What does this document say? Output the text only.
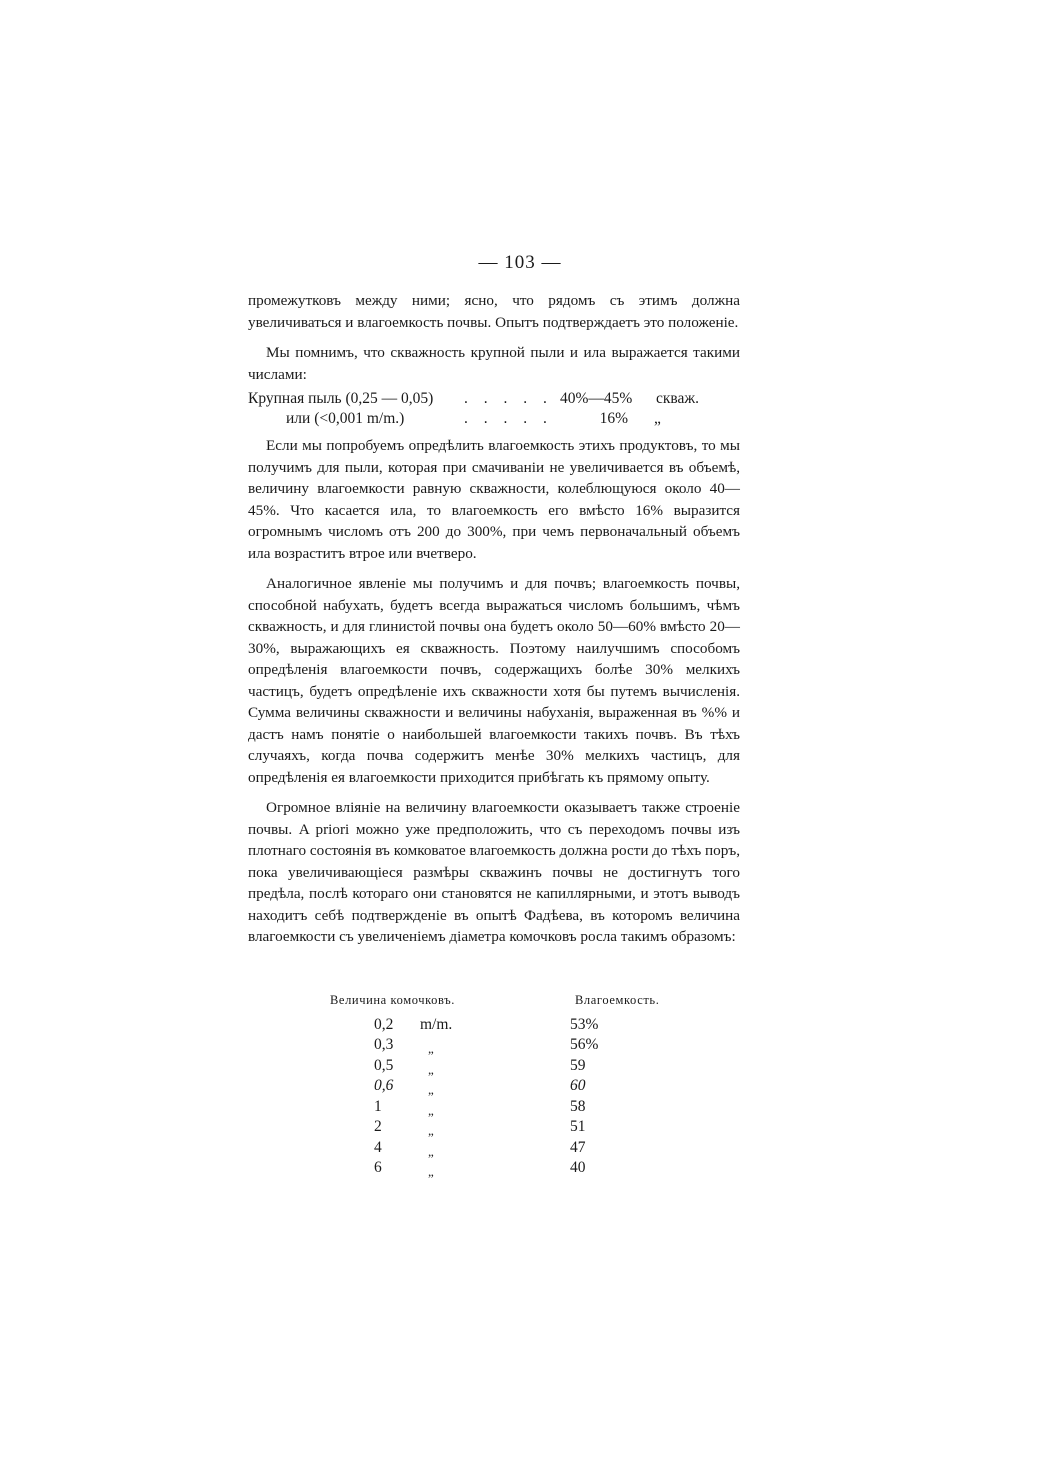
— 103 —

промежутковъ между ними; ясно, что рядомъ съ этимъ должна увеличиваться и влагоемкость почвы. Опытъ подтверждаетъ это положеніе.

Мы помнимъ, что скважность крупной пыли и ила выражается такими числами:

Крупная пыль (0,25 — 0,05)	. . . . . 40%—45%	скваж.
или (<0,001 m/m.)	. . . . .	16%	„

Если мы попробуемъ опредѣлить влагоемкость этихъ продуктовъ, то мы получимъ для пыли, которая при смачиваніи не увеличивается въ объемѣ, величину влагоемкости равную скважности, колеблющуюся около 40—45%. Что касается ила, то влагоемкость его вмѣсто 16% выразится огромнымъ числомъ отъ 200 до 300%, при чемъ первоначальный объемъ ила возраститъ втрое или вчетверо.

Аналогичное явленіе мы получимъ и для почвъ; влагоемкость почвы, способной набухать, будетъ всегда выражаться числомъ большимъ, чѣмъ скважность, и для глинистой почвы она будетъ около 50—60% вмѣсто 20—30%, выражающихъ ея скважность. Поэтому наилучшимъ способомъ опредѣленія влагоемкости почвъ, содержащихъ болѣе 30% мелкихъ частицъ, будетъ опредѣленіе ихъ скважности хотя бы путемъ вычисленія. Сумма величины скважности и величины набуханія, выраженная въ %% и дастъ намъ понятіе о наибольшей влагоемкости такихъ почвъ. Въ тѣхъ случаяхъ, когда почва содержитъ менѣе 30% мелкихъ частицъ, для опредѣленія ея влагоемкости приходится прибѣгать къ прямому опыту.

Огромное вліяніе на величину влагоемкости оказываетъ также строеніе почвы. A priori можно уже предположить, что съ переходомъ почвы изъ плотнаго состоянія въ комковатое влагоемкость должна рости до тѣхъ поръ, пока увеличивающіеся размѣры скважинъ почвы не достигнутъ того предѣла, послѣ котораго они становятся не капиллярными, и этотъ выводъ находитъ себѣ подтвержденіе въ опытѣ Фадѣева, въ которомъ величина влагоемкости съ увеличеніемъ діаметра комочковъ росла такимъ образомъ:

Величина комочковъ.	Влагоемкость.
0,2	m/m.	53%
0,3	$_„$	56%
0,5	$_„$	59
0,6	$_„$	60
1	$_„$	58
2	$_„$	51
4	$_„$	47
6	$_„$	40
